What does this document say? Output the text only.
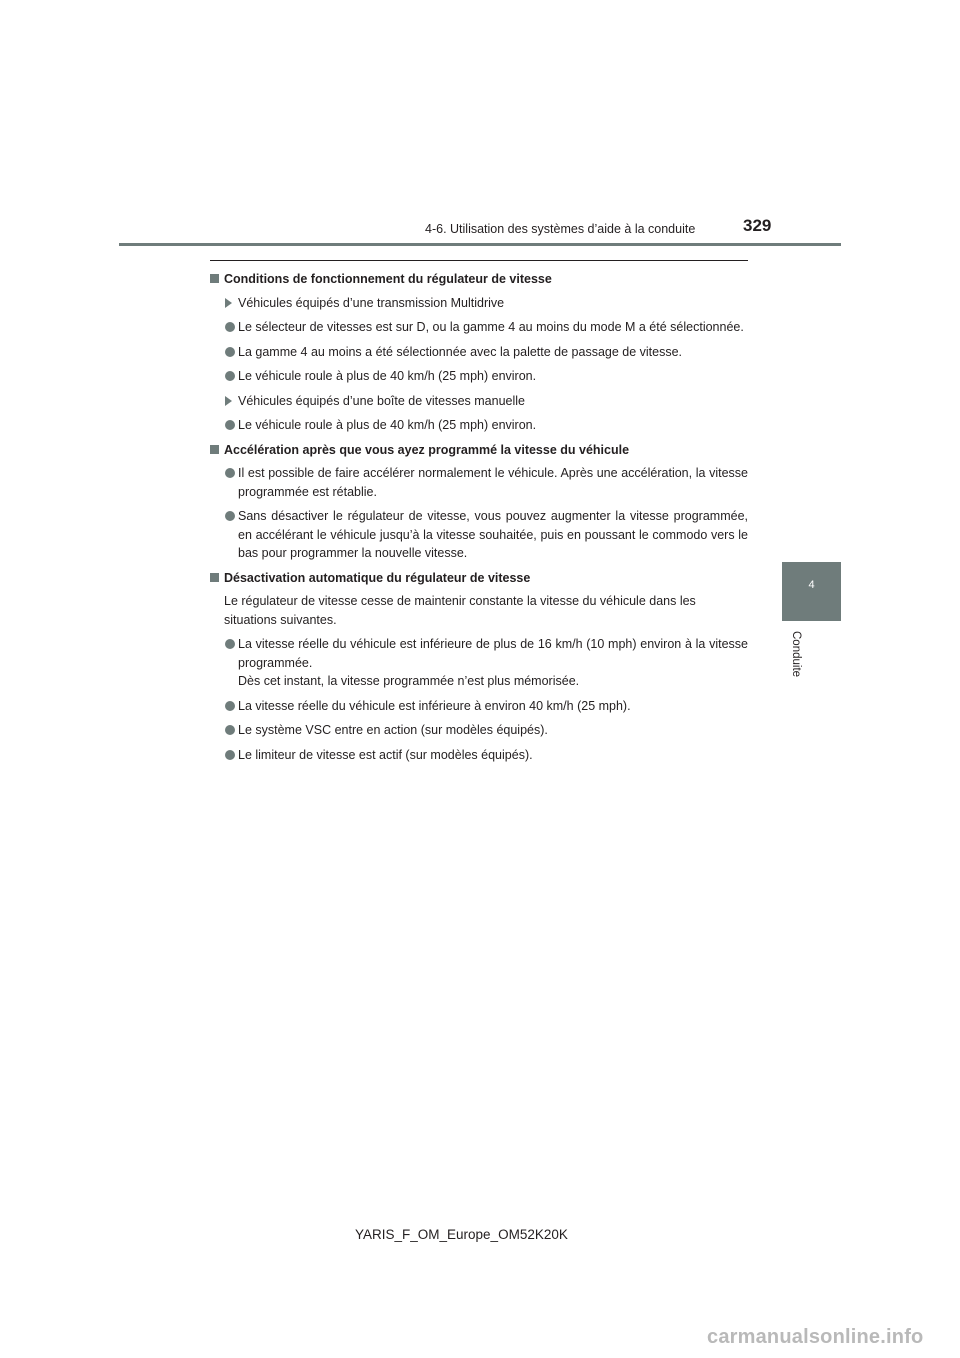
4-6. Utilisation des systèmes d’aide à la conduite	329
4
Conduite
Conditions de fonctionnement du régulateur de vitesse
Véhicules équipés d’une transmission Multidrive
Le sélecteur de vitesses est sur D, ou la gamme 4 au moins du mode M a été sélectionnée.
La gamme 4 au moins a été sélectionnée avec la palette de passage de vitesse.
Le véhicule roule à plus de 40 km/h (25 mph) environ.
Véhicules équipés d’une boîte de vitesses manuelle
Le véhicule roule à plus de 40 km/h (25 mph) environ.
Accélération après que vous ayez programmé la vitesse du véhicule
Il est possible de faire accélérer normalement le véhicule. Après une accélération, la vitesse programmée est rétablie.
Sans désactiver le régulateur de vitesse, vous pouvez augmenter la vitesse programmée, en accélérant le véhicule jusqu’à la vitesse souhaitée, puis en poussant le commodo vers le bas pour programmer la nouvelle vitesse.
Désactivation automatique du régulateur de vitesse
Le régulateur de vitesse cesse de maintenir constante la vitesse du véhicule dans les situations suivantes.
La vitesse réelle du véhicule est inférieure de plus de 16 km/h (10 mph) environ à la vitesse programmée.
Dès cet instant, la vitesse programmée n’est plus mémorisée.
La vitesse réelle du véhicule est inférieure à environ 40 km/h (25 mph).
Le système VSC entre en action (sur modèles équipés).
Le limiteur de vitesse est actif (sur modèles équipés).
YARIS_F_OM_Europe_OM52K20K
carmanualsonline.info
